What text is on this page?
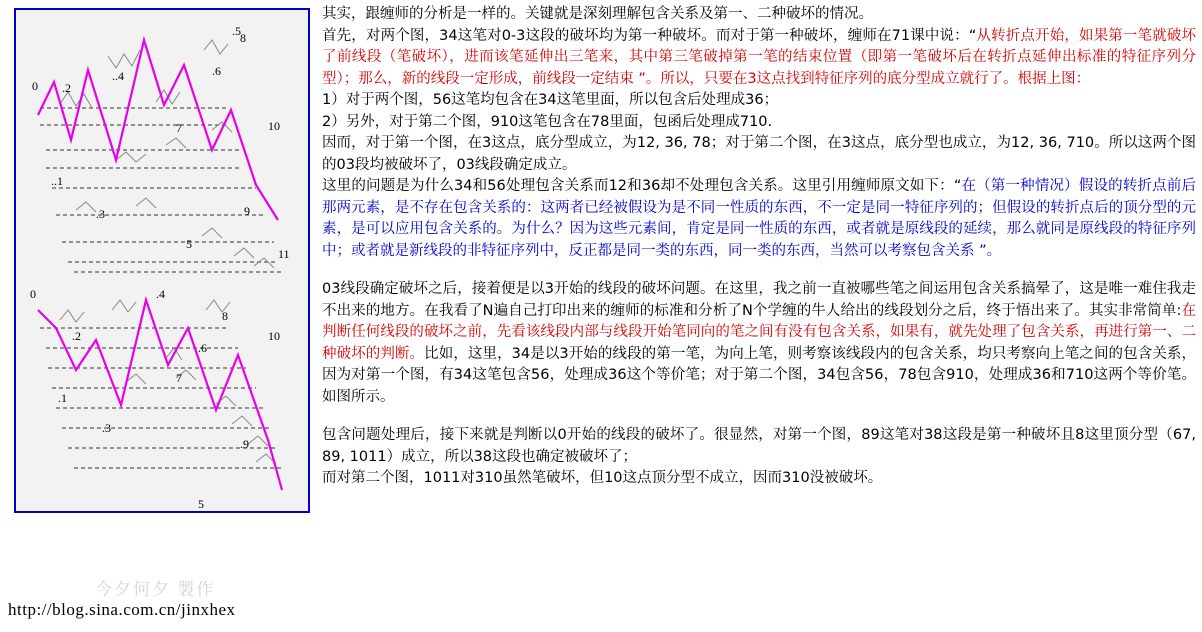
0
..1
.2
.3
..4
.5
5
.6
7
8
9
10
11
0
.1
.2
.3
.4
5
.6
7
8
.9
10
今夕何夕 製作
http://blog.sina.com.cn/jinxhex
其实，跟缠师的分析是一样的。关键就是深刻理解包含关系及第一、二种破坏的情况。
首先，对两个图，34这笔对0-3这段的破坏均为第一种破坏。而对于第一种破坏，缠师在71课中说：“从转折点开始，如果第一笔就破坏了前线段（笔破坏），进而该笔延伸出三笔来，其中第三笔破掉第一笔的结束位置（即第一笔破坏后在转折点延伸出标准的特征序列分型）；那么，新的线段一定形成，前线段一定结束 ”。所以，只要在3这点找到特征序列的底分型成立就行了。根据上图：
1）对于两个图，56这笔均包含在34这笔里面，所以包含后处理成36；
2）另外，对于第二个图，910这笔包含在78里面，包函后处理成710.
因而，对于第一个图，在3这点，底分型成立，为12, 36, 78；对于第二个图，在3这点，底分型也成立，为12, 36, 710。所以这两个图的03段均被破坏了，03线段确定成立。
这里的问题是为什么34和56处理包含关系而12和36却不处理包含关系。这里引用缠师原文如下：“在（第一种情况）假设的转折点前后那两元素，是不存在包含关系的：这两者已经被假设为是不同一性质的东西，不一定是同一特征序列的；但假设的转折点后的顶分型的元素，是可以应用包含关系的。为什么？因为这些元素间，肯定是同一性质的东西，或者就是原线段的延续，那么就同是原线段的特征序列中；或者就是新线段的非特征序列中，反正都是同一类的东西，同一类的东西，当然可以考察包含关系 ”。
03线段确定破坏之后，接着便是以3开始的线段的破坏问题。在这里，我之前一直被哪些笔之间运用包含关系搞晕了，这是唯一难住我走不出来的地方。在我看了N遍自己打印出来的缠师的标准和分析了N个学缠的牛人给出的线段划分之后，终于悟出来了。其实非常简单:在判断任何线段的破坏之前，先看该线段内部与线段开始笔同向的笔之间有没有包含关系，如果有，就先处理了包含关系，再进行第一、二种破坏的判断。比如，这里，34是以3开始的线段的第一笔，为向上笔，则考察该线段内的包含关系，均只考察向上笔之间的包含关系，因为对第一个图，有34这笔包含56，处理成36这个等价笔；对于第二个图，34包含56，78包含910，处理成36和710这两个等价笔。如图所示。
包含问题处理后，接下来就是判断以0开始的线段的破坏了。很显然，对第一个图，89这笔对38这段是第一种破坏且8这里顶分型（67, 89, 1011）成立，所以38这段也确定被破坏了；
而对第二个图，1011对310虽然笔破坏，但10这点顶分型不成立，因而310没被破坏。
